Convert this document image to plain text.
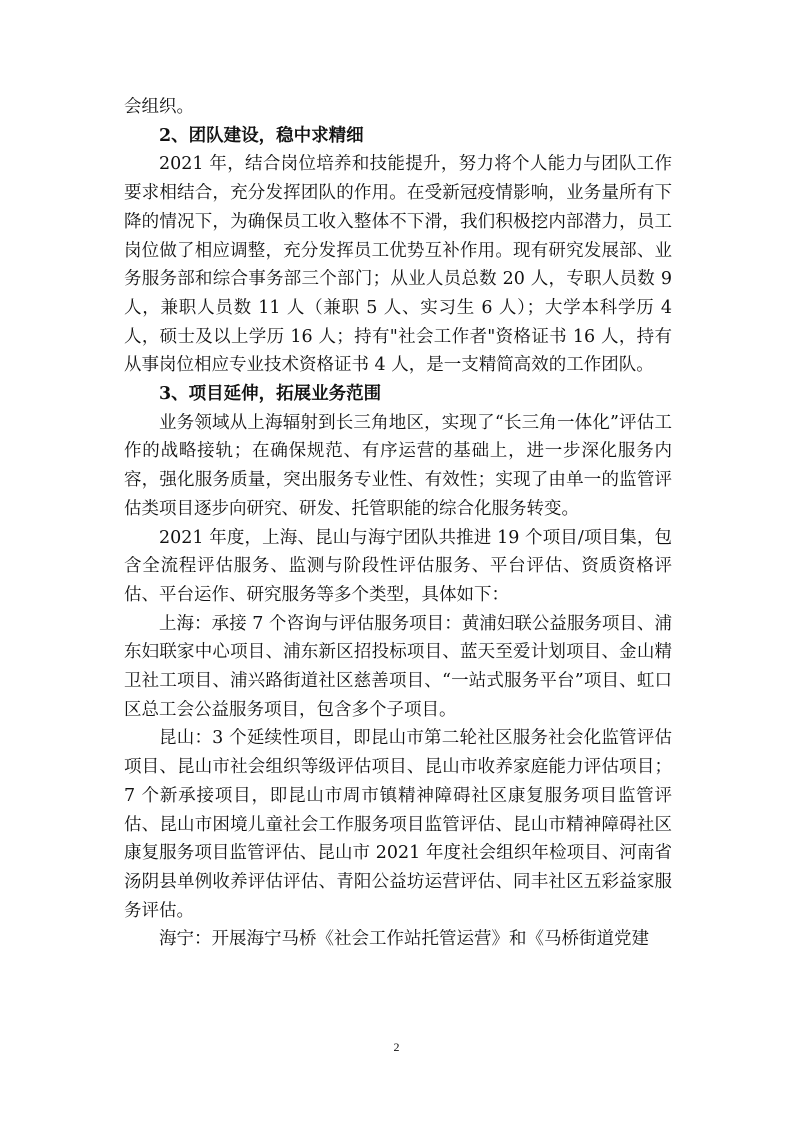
会组织。

2、团队建设，稳中求精细

2021 年，结合岗位培养和技能提升，努力将个人能力与团队工作要求相结合，充分发挥团队的作用。在受新冠疫情影响，业务量所有下降的情况下，为确保员工收入整体不下滑，我们积极挖内部潜力，员工岗位做了相应调整，充分发挥员工优势互补作用。现有研究发展部、业务服务部和综合事务部三个部门；从业人员总数 20 人，专职人员数 9 人，兼职人员数 11 人（兼职 5 人、实习生 6 人）；大学本科学历 4 人，硕士及以上学历 16 人；持有"社会工作者"资格证书 16 人，持有从事岗位相应专业技术资格证书 4 人，是一支精简高效的工作团队。

3、项目延伸，拓展业务范围

业务领域从上海辐射到长三角地区，实现了“长三角一体化”评估工作的战略接轨；在确保规范、有序运营的基础上，进一步深化服务内容，强化服务质量，突出服务专业性、有效性；实现了由单一的监管评估类项目逐步向研究、研发、托管职能的综合化服务转变。

2021 年度，上海、昆山与海宁团队共推进 19 个项目/项目集，包含全流程评估服务、监测与阶段性评估服务、平台评估、资质资格评估、平台运作、研究服务等多个类型，具体如下：

上海：承接 7 个咨询与评估服务项目：黄浦妇联公益服务项目、浦东妇联家中心项目、浦东新区招投标项目、蓝天至爱计划项目、金山精卫社工项目、浦兴路街道社区慈善项目、“一站式服务平台”项目、虹口区总工会公益服务项目，包含多个子项目。

昆山：3 个延续性项目，即昆山市第二轮社区服务社会化监管评估项目、昆山市社会组织等级评估项目、昆山市收养家庭能力评估项目；7 个新承接项目，即昆山市周市镇精神障碍社区康复服务项目监管评估、昆山市困境儿童社会工作服务项目监管评估、昆山市精神障碍社区康复服务项目监管评估、昆山市 2021 年度社会组织年检项目、河南省汤阴县单例收养评估评估、青阳公益坊运营评估、同丰社区五彩益家服务评估。

海宁：开展海宁马桥《社会工作站托管运营》和《马桥街道党建

2
